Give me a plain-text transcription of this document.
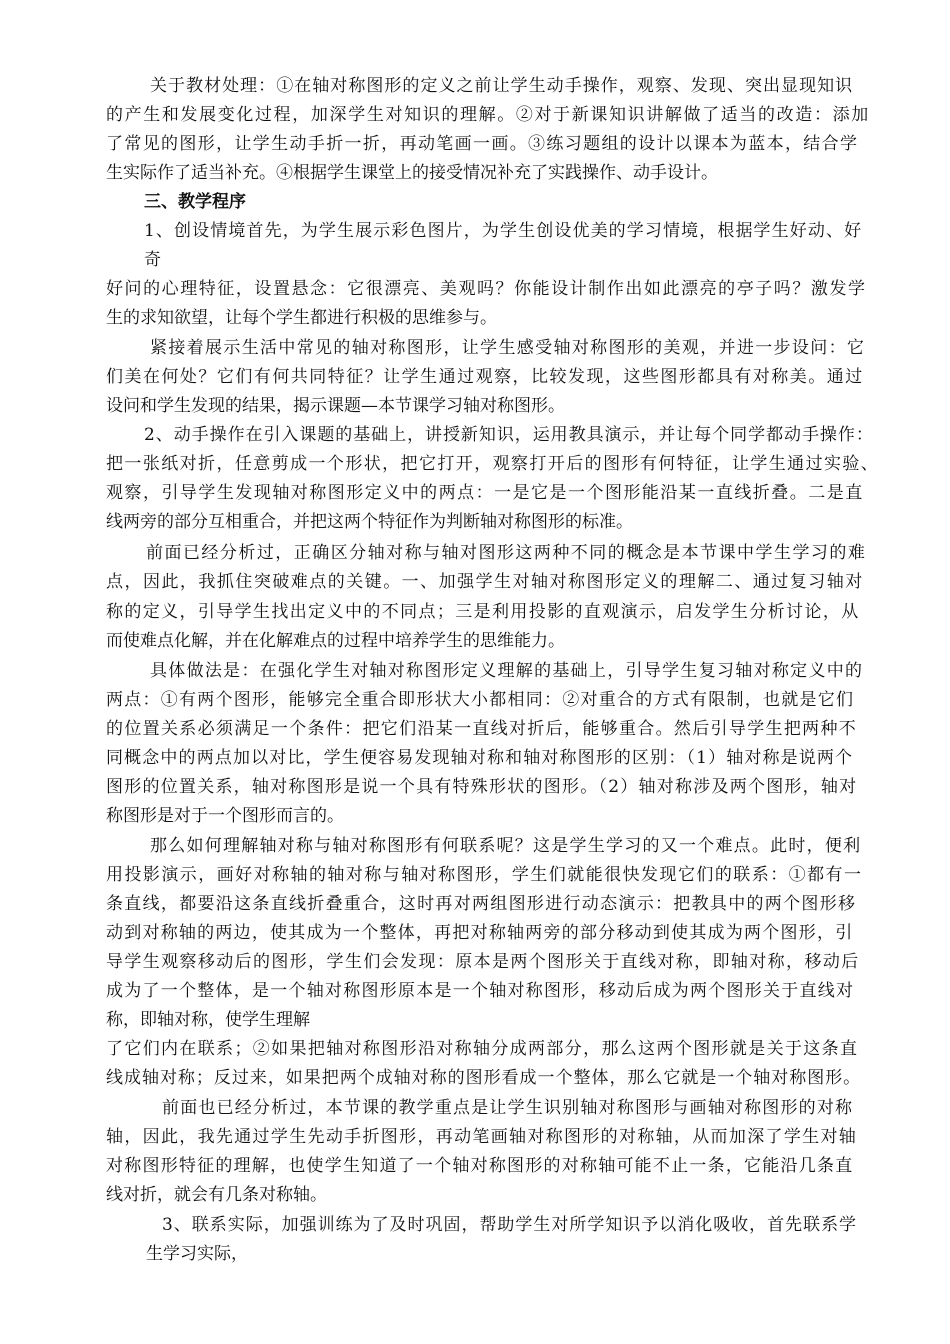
关于教材处理：①在轴对称图形的定义之前让学生动手操作，观察、发现、突出显现知识
的产生和发展变化过程，加深学生对知识的理解。②对于新课知识讲解做了适当的改造：添加
了常见的图形，让学生动手折一折，再动笔画一画。③练习题组的设计以课本为蓝本，结合学
生实际作了适当补充。④根据学生课堂上的接受情况补充了实践操作、动手设计。
三、教学程序
1、创设情境首先，为学生展示彩色图片，为学生创设优美的学习情境，根据学生好动、好
奇
好问的心理特征，设置悬念：它很漂亮、美观吗？你能设计制作出如此漂亮的亭子吗？激发学
生的求知欲望，让每个学生都进行积极的思维参与。
紧接着展示生活中常见的轴对称图形，让学生感受轴对称图形的美观，并进一步设问：它
们美在何处？它们有何共同特征？让学生通过观察，比较发现，这些图形都具有对称美。通过
设问和学生发现的结果，揭示课题—本节课学习轴对称图形。
2、动手操作在引入课题的基础上，讲授新知识，运用教具演示，并让每个同学都动手操作：
把一张纸对折，任意剪成一个形状，把它打开，观察打开后的图形有何特征，让学生通过实验、
观察，引导学生发现轴对称图形定义中的两点：一是它是一个图形能沿某一直线折叠。二是直
线两旁的部分互相重合，并把这两个特征作为判断轴对称图形的标准。
前面已经分析过，正确区分轴对称与轴对图形这两种不同的概念是本节课中学生学习的难
点，因此，我抓住突破难点的关键。一、加强学生对轴对称图形定义的理解二、通过复习轴对
称的定义，引导学生找出定义中的不同点；三是利用投影的直观演示，启发学生分析讨论，从
而使难点化解，并在化解难点的过程中培养学生的思维能力。
具体做法是：在强化学生对轴对称图形定义理解的基础上，引导学生复习轴对称定义中的
两点：①有两个图形，能够完全重合即形状大小都相同：②对重合的方式有限制，也就是它们
的位置关系必须满足一个条件：把它们沿某一直线对折后，能够重合。然后引导学生把两种不
同概念中的两点加以对比，学生便容易发现轴对称和轴对称图形的区别：（1）轴对称是说两个
图形的位置关系，轴对称图形是说一个具有特殊形状的图形。（2）轴对称涉及两个图形，轴对
称图形是对于一个图形而言的。
那么如何理解轴对称与轴对称图形有何联系呢？这是学生学习的又一个难点。此时，便利
用投影演示，画好对称轴的轴对称与轴对称图形，学生们就能很快发现它们的联系：①都有一
条直线，都要沿这条直线折叠重合，这时再对两组图形进行动态演示：把教具中的两个图形移
动到对称轴的两边，使其成为一个整体，再把对称轴两旁的部分移动到使其成为两个图形，引
导学生观察移动后的图形，学生们会发现：原本是两个图形关于直线对称，即轴对称，移动后
成为了一个整体，是一个轴对称图形原本是一个轴对称图形，移动后成为两个图形关于直线对
称，即轴对称，使学生理解
了它们内在联系；②如果把轴对称图形沿对称轴分成两部分，那么这两个图形就是关于这条直
线成轴对称；反过来，如果把两个成轴对称的图形看成一个整体，那么它就是一个轴对称图形。
前面也已经分析过，本节课的教学重点是让学生识别轴对称图形与画轴对称图形的对称
轴，因此，我先通过学生先动手折图形，再动笔画轴对称图形的对称轴，从而加深了学生对轴
对称图形特征的理解，也使学生知道了一个轴对称图形的对称轴可能不止一条，它能沿几条直
线对折，就会有几条对称轴。
3、联系实际，加强训练为了及时巩固，帮助学生对所学知识予以消化吸收，首先联系学
生学习实际，
